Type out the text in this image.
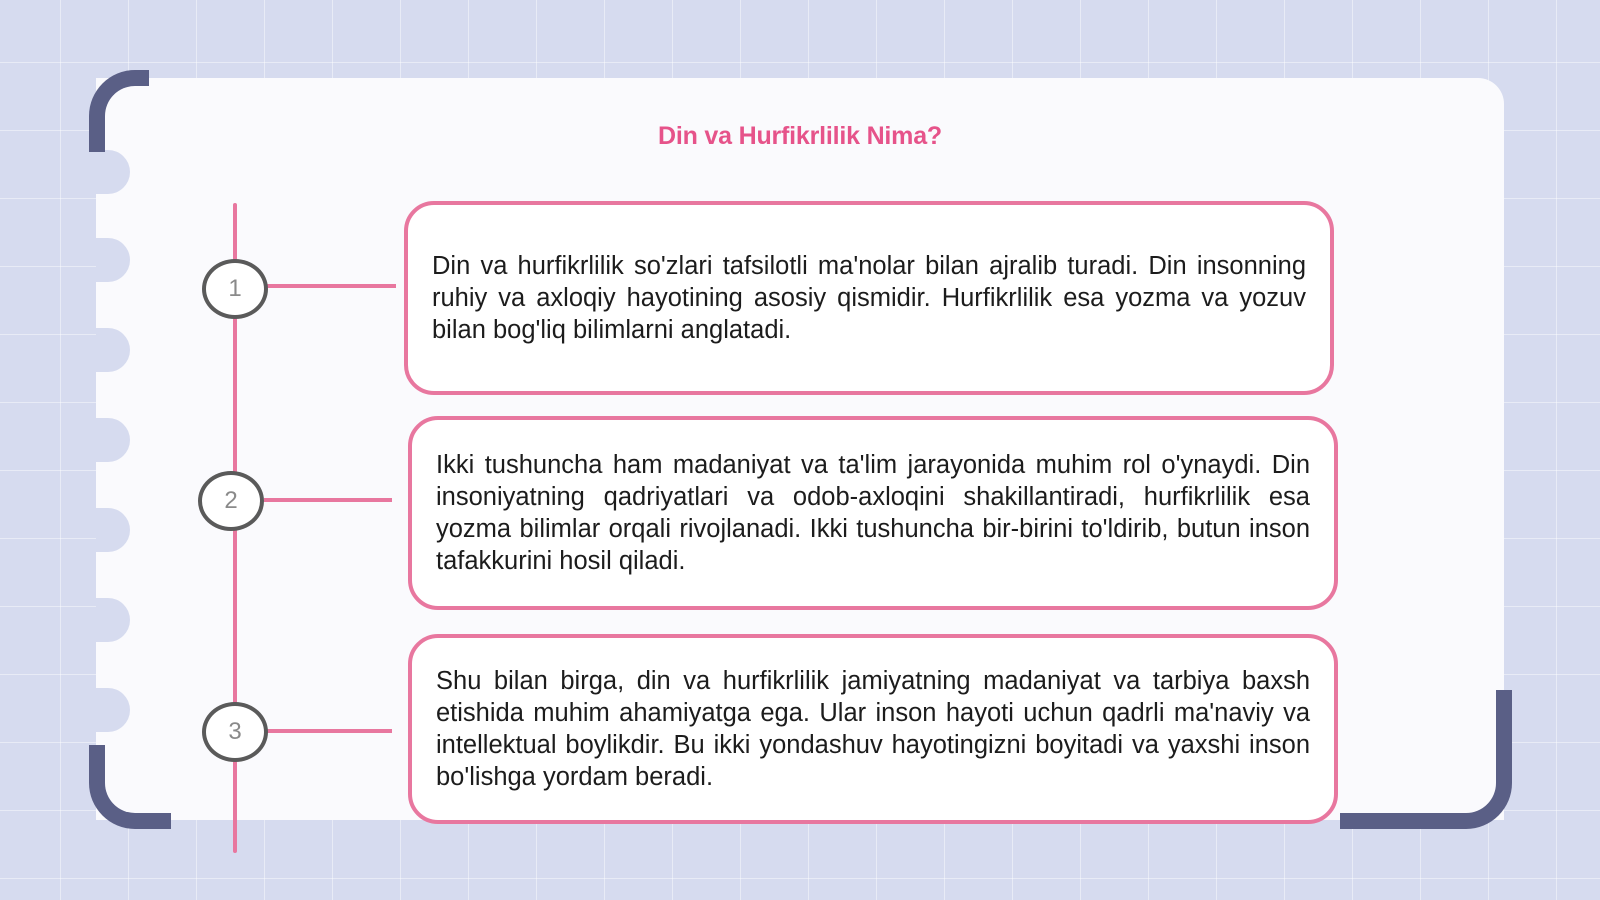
Din va Hurfikrlilik Nima?
1

Din va hurfikrlilik so'zlari tafsilotli ma'nolar bilan ajralib turadi. Din insonning ruhiy va axloqiy hayotining asosiy qismidir. Hurfikrlilik esa yozma va yozuv bilan bog'liq bilimlarni anglatadi.

2

Ikki tushuncha ham madaniyat va ta'lim jarayonida muhim rol o'ynaydi. Din insoniyatning qadriyatlari va odob-axloqini shakillantiradi, hurfikrlilik esa yozma bilimlar orqali rivojlanadi. Ikki tushuncha bir-birini to'ldirib, butun inson tafakkurini hosil qiladi.

3

Shu bilan birga, din va hurfikrlilik jamiyatning madaniyat va tarbiya baxsh etishida muhim ahamiyatga ega. Ular inson hayoti uchun qadrli ma'naviy va intellektual boylikdir. Bu ikki yondashuv hayotingizni boyitadi va yaxshi inson bo'lishga yordam beradi.
